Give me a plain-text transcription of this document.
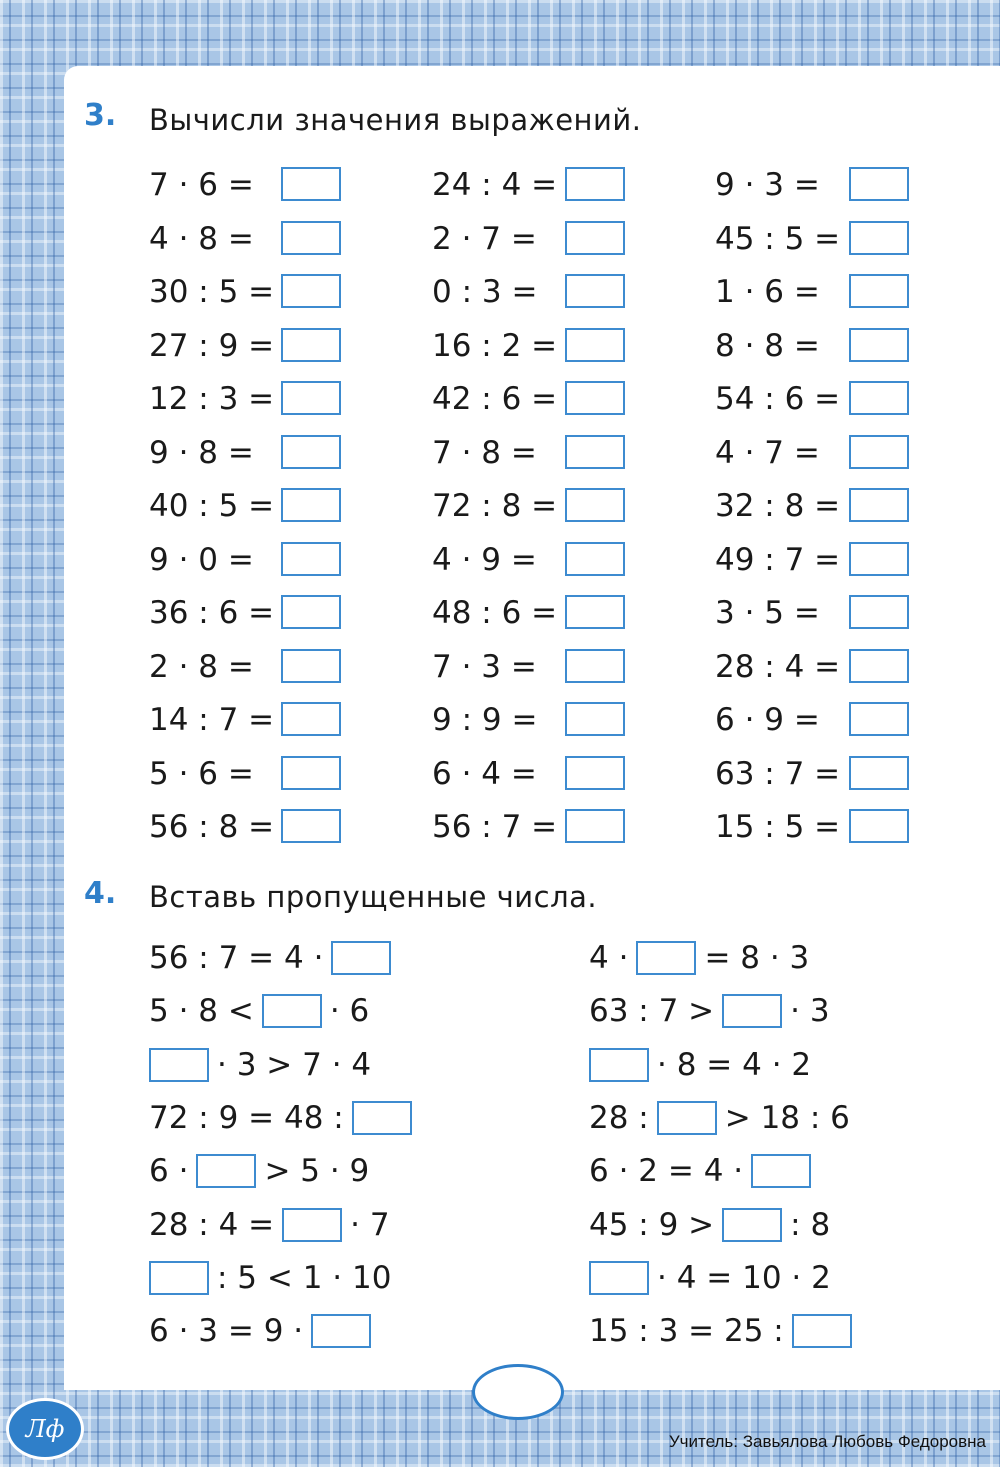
3. Вычисли значения выражений.
7 · 6 =
4 · 8 =
30 : 5 =
27 : 9 =
12 : 3 =
9 · 8 =
40 : 5 =
9 · 0 =
36 : 6 =
2 · 8 =
14 : 7 =
5 · 6 =
56 : 8 =
24 : 4 =
2 · 7 =
0 : 3 =
16 : 2 =
42 : 6 =
7 · 8 =
72 : 8 =
4 · 9 =
48 : 6 =
7 · 3 =
9 : 9 =
6 · 4 =
56 : 7 =
9 · 3 =
45 : 5 =
1 · 6 =
8 · 8 =
54 : 6 =
4 · 7 =
32 : 8 =
49 : 7 =
3 · 5 =
28 : 4 =
6 · 9 =
63 : 7 =
15 : 5 =
4. Вставь пропущенные числа.
56 : 7 = 4 ·
5 · 8 < · 6
· 3 > 7 · 4
72 : 9 = 48 :
6 · > 5 · 9
28 : 4 = · 7
: 5 < 1 · 10
6 · 3 = 9 ·
4 · = 8 · 3
63 : 7 > · 3
· 8 = 4 · 2
28 : > 18 : 6
6 · 2 = 4 ·
45 : 9 > : 8
· 4 = 10 · 2
15 : 3 = 25 :
Лф	Учитель: Завьялова Любовь Федоровна
